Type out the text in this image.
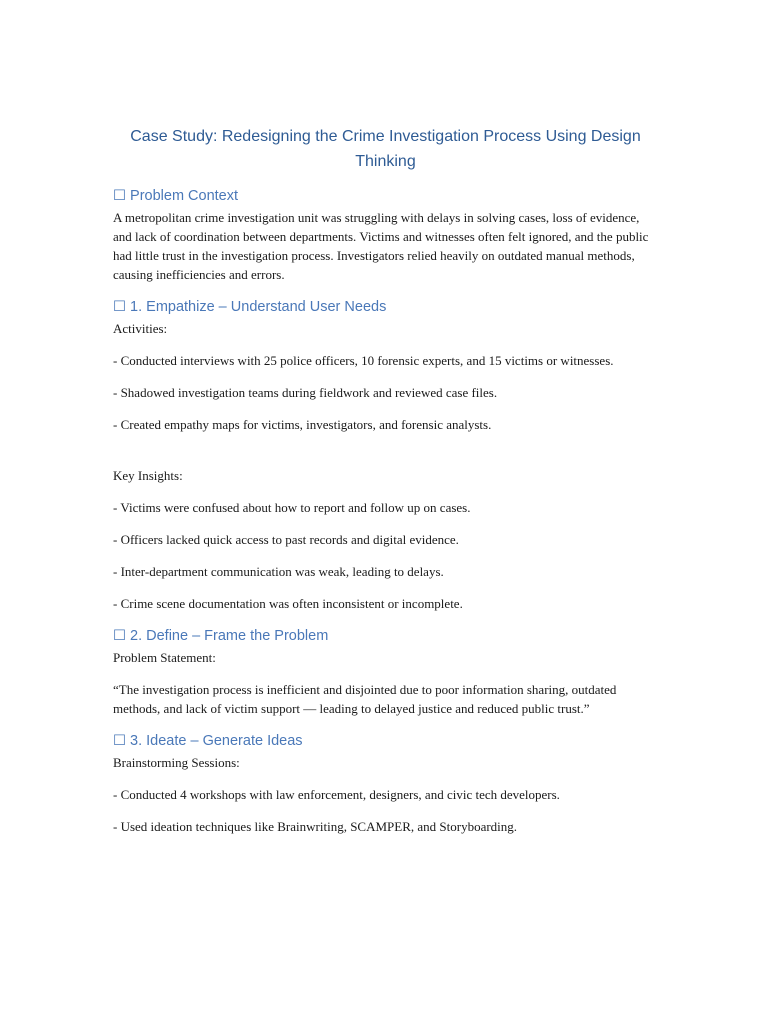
Case Study: Redesigning the Crime Investigation Process Using Design Thinking
☐ Problem Context

A metropolitan crime investigation unit was struggling with delays in solving cases, loss of evidence, and lack of coordination between departments. Victims and witnesses often felt ignored, and the public had little trust in the investigation process. Investigators relied heavily on outdated manual methods, causing inefficiencies and errors.

☐ 1. Empathize – Understand User Needs

Activities:

- Conducted interviews with 25 police officers, 10 forensic experts, and 15 victims or witnesses.

- Shadowed investigation teams during fieldwork and reviewed case files.

- Created empathy maps for victims, investigators, and forensic analysts.

Key Insights:

- Victims were confused about how to report and follow up on cases.

- Officers lacked quick access to past records and digital evidence.

- Inter-department communication was weak, leading to delays.

- Crime scene documentation was often inconsistent or incomplete.

☐ 2. Define – Frame the Problem

Problem Statement:

“The investigation process is inefficient and disjointed due to poor information sharing, outdated methods, and lack of victim support — leading to delayed justice and reduced public trust.”

☐ 3. Ideate – Generate Ideas

Brainstorming Sessions:

- Conducted 4 workshops with law enforcement, designers, and civic tech developers.

- Used ideation techniques like Brainwriting, SCAMPER, and Storyboarding.
